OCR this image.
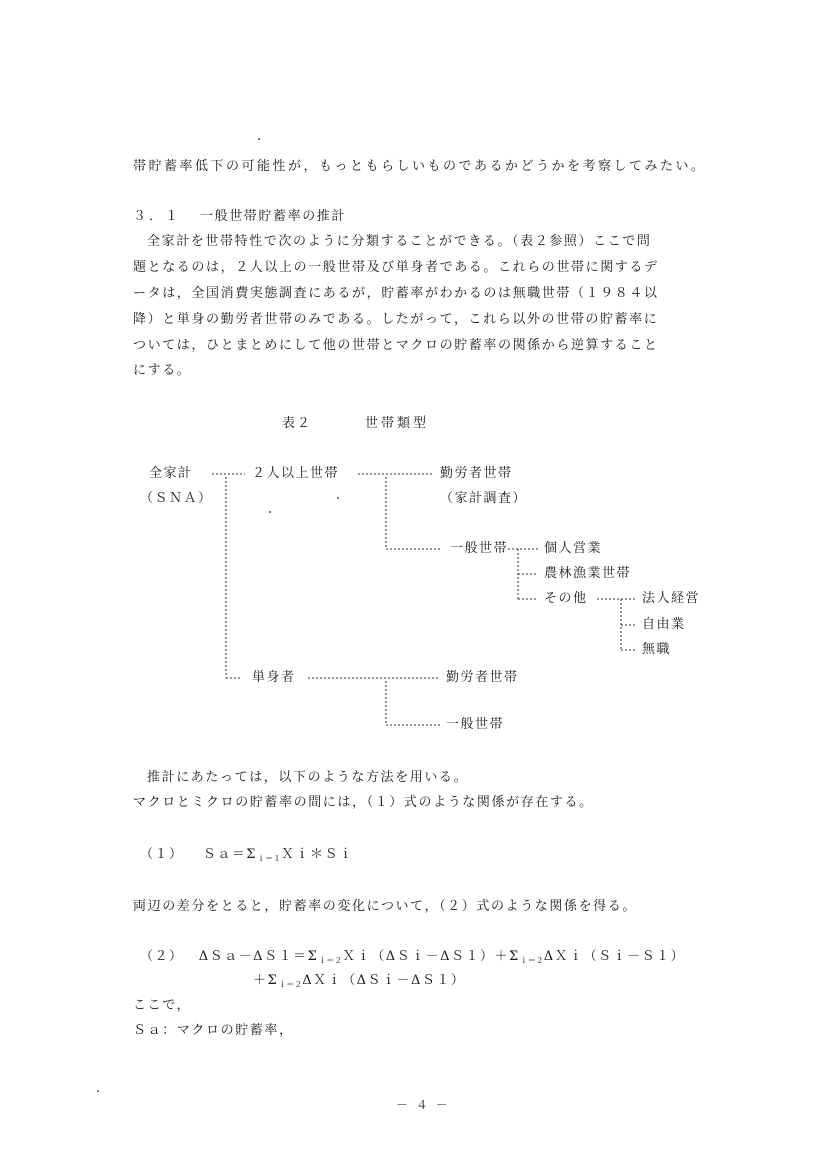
帯貯蓄率低下の可能性が，もっともらしいものであるかどうかを考察してみたい。
３．１ 一般世帯貯蓄率の推計
全家計を世帯特性で次のように分類することができる。（表２参照）ここで問
題となるのは，２人以上の一般世帯及び単身者である。これらの世帯に関するデ
ータは，全国消費実態調査にあるが，貯蓄率がわかるのは無職世帯（１９８４以
降）と単身の勤労者世帯のみである。したがって，これら以外の世帯の貯蓄率に
ついては，ひとまとめにして他の世帯とマクロの貯蓄率の関係から逆算すること
にする。
表２	世帯類型
全家計
（ＳＮＡ）
２人以上世帯	勤労者世帯
（家計調査）
一般世帯	個人営業
農林漁業世帯
その他	法人経営
自由業
無職
単身者	勤労者世帯
一般世帯
推計にあたっては，以下のような方法を用いる。
マクロとミクロの貯蓄率の間には，（１）式のような関係が存在する。
（１） $Sa=\Sigma_{i=1}Xi*Si$
両辺の差分をとると，貯蓄率の変化について，（２）式のような関係を得る。
（２） $\Delta Sa-\Delta S1=\Sigma_{i=2}Xi(\Delta Si-\Delta S1)+\Sigma_{i=2}\Delta Xi(Si-S1)$
$+\Sigma_{i=2}\Delta Xi(\Delta Si-\Delta S1)$
ここで，
Ｓａ：マクロの貯蓄率，
－ ４ －
